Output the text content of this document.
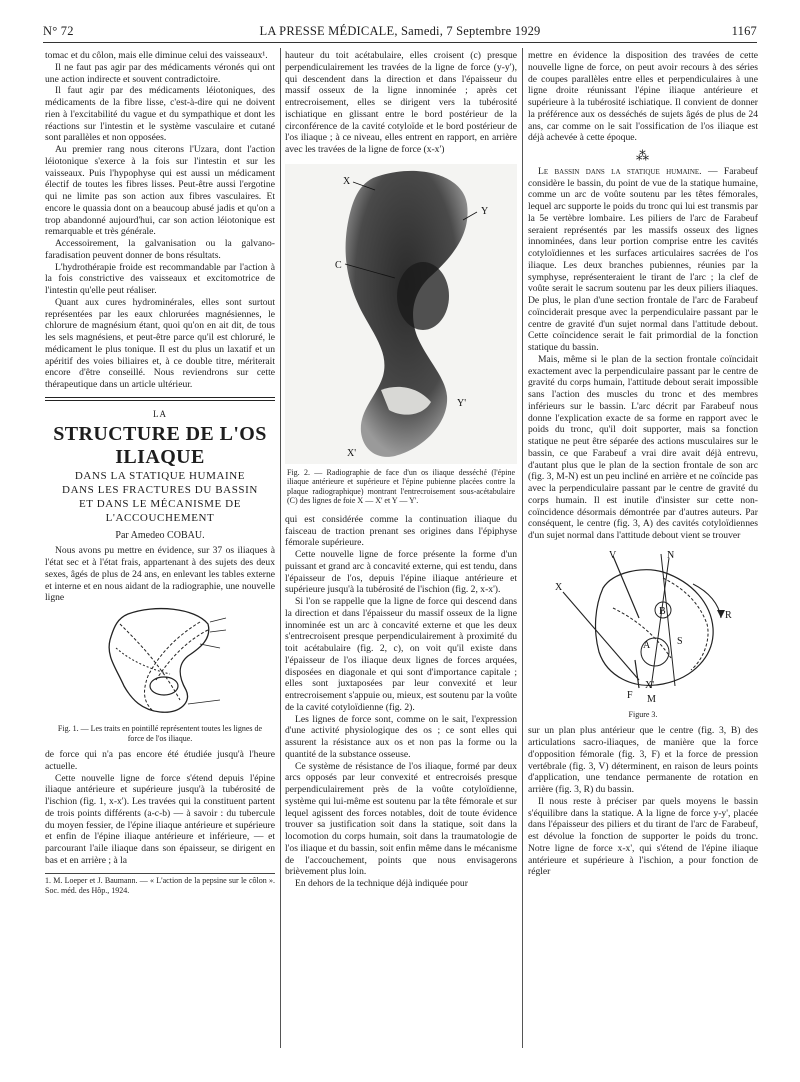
N° 72	LA PRESSE MÉDICALE, Samedi, 7 Septembre 1929	1167

tomac et du côlon, mais elle diminue celui des vaisseaux¹.

Il ne faut pas agir par des médicaments véronés qui ont une action indirecte et souvent contradictoire.

Il faut agir par des médicaments léiotoniques, des médicaments de la fibre lisse, c'est-à-dire qui ne doivent rien à l'excitabilité du vague et du sympathique et dont les réactions sur l'intestin et le système vasculaire et cutané sont parallèles et non opposées.

Au premier rang nous citerons l'Uzara, dont l'action léiotonique s'exerce à la fois sur l'intestin et sur les vaisseaux. Puis l'hypophyse qui est aussi un médicament électif de toutes les fibres lisses. Peut-être aussi l'ergotine qui ne limite pas son action aux fibres vasculaires. Et encore le quassia dont on a beaucoup abusé jadis et qu'on a trop abandonné aujourd'hui, car son action léiotonique est remarquable et très générale.

Accessoirement, la galvanisation ou la galvano-faradisation peuvent donner de bons résultats.

L'hydrothérapie froide est recommandable par l'action à la fois constrictive des vaisseaux et excitomotrice de l'intestin qu'elle peut réaliser.

Quant aux cures hydrominérales, elles sont surtout représentées par les eaux chlorurées magnésiennes, le chlorure de magnésium étant, quoi qu'on en ait dit, de tous les sels magnésiens, et peut-être parce qu'il est chloruré, le médicament le plus tonique. Il est du plus un laxatif et un apéritif des voies biliaires et, à ce double titre, mériterait encore d'être conseillé. Nous reviendrons sur cette thérapeutique dans un article ultérieur.

LA
STRUCTURE DE L'OS ILIAQUE
DANS LA STATIQUE HUMAINE
DANS LES FRACTURES DU BASSIN
ET DANS LE MÉCANISME DE L'ACCOUCHEMENT
Par Amedeo COBAU.

Nous avons pu mettre en évidence, sur 37 os iliaques à l'état sec et à l'état frais, appartenant à des sujets des deux sexes, âgés de plus de 24 ans, en enlevant les tables externe et interne et en nous aidant de la radiographie, une nouvelle ligne

Fig. 1. — Les traits en pointillé représentent toutes les lignes de force de l'os iliaque.

de force qui n'a pas encore été étudiée jusqu'à l'heure actuelle.

Cette nouvelle ligne de force s'étend depuis l'épine iliaque antérieure et supérieure jusqu'à la tubérosité de l'ischion (fig. 1, x-x'). Les travées qui la constituent partent de trois points différents (a-c-b) — à savoir : du tubercule du moyen fessier, de l'épine iliaque antérieure et supérieure et enfin de l'épine iliaque antérieure et inférieure, — et parcourant l'aile iliaque dans son épaisseur, se dirigent en bas et en arrière ; à la

1. M. Loeper et J. Baumann. — « L'action de la pepsine sur le côlon ». Soc. méd. des Hôp., 1924.

hauteur du toit acétabulaire, elles croisent (c) presque perpendiculairement les travées de la ligne de force (y-y'), qui descendent dans la direction et dans l'épaisseur du massif osseux de la ligne innominée ; après cet entrecroisement, elles se dirigent vers la tubérosité ischiatique en glissant entre le bord postérieur de la circonférence de la cavité cotyloïde et le bord postérieur de l'os iliaque ; à ce niveau, elles entrent en rapport, en arrière avec les travées de la ligne de force (x-x')

X
Y
C
Y'
X'
Fig. 2. — Radiographie de face d'un os iliaque desséché (l'épine iliaque antérieure et supérieure et l'épine pubienne placées contre la plaque radiographique) montrant l'entrecroisement sous-acétabulaire (C) des lignes de foie X — X' et Y — Y'.

qui est considérée comme la continuation iliaque du faisceau de traction prenant ses origines dans l'épiphyse fémorale supérieure.

Cette nouvelle ligne de force présente la forme d'un puissant et grand arc à concavité externe, qui est tendu, dans l'épaisseur de l'os, depuis l'épine iliaque antérieure et supérieure jusqu'à la tubérosité de l'ischion (fig. 2, x-x').

Si l'on se rappelle que la ligne de force qui descend dans la direction et dans l'épaisseur du massif osseux de la ligne innominée est un arc à concavité externe et que les deux s'entrecroisent presque perpendiculairement à proximité du toit acétabulaire (fig. 2, c), on voit qu'il existe dans l'épaisseur de l'os iliaque deux lignes de forces arquées, disposées en diagonale et qui sont d'importance capitale ; elles sont juxtaposées par leur convexité et leur entrecroisement s'appuie ou, mieux, est soutenu par la voûte de la cavité cotyloïdienne (fig. 2).

Les lignes de force sont, comme on le sait, l'expression d'une activité physiologique des os ; ce sont elles qui assurent la résistance aux os et non pas la forme ou la quantité de la substance osseuse.

Ce système de résistance de l'os iliaque, formé par deux arcs opposés par leur convexité et entrecroisés presque perpendiculairement près de la voûte cotyloïdienne, système qui lui-même est soutenu par la tête fémorale et sur lequel agissent des forces notables, doit de toute évidence trouver sa justification soit dans la statique, soit dans la locomotion du corps humain, soit dans la traumatologie de l'os iliaque et du bassin, soit enfin même dans le mécanisme de l'accouchement, points que nous envisagerons brièvement plus loin.

En dehors de la technique déjà indiquée pour

mettre en évidence la disposition des travées de cette nouvelle ligne de force, on peut avoir recours à des séries de coupes parallèles entre elles et perpendiculaires à une ligne droite réunissant l'épine iliaque antérieure et supérieure à la tubérosité ischiatique. Il convient de donner la préférence aux os desséchés de sujets âgés de plus de 24 ans, car comme on le sait l'ossification de l'os iliaque est déjà achevée à cette époque.

⁂

Le bassin dans la statique humaine. — Farabeuf considère le bassin, du point de vue de la statique humaine, comme un arc de voûte soutenu par les têtes fémorales, lequel arc supporte le poids du tronc qui lui est transmis par la 5e vertèbre lombaire. Les piliers de l'arc de Farabeuf seraient représentés par les massifs osseux des lignes innominées, dans leur portion comprise entre les cavités cotyloïdiennes et les surfaces articulaires sacrées de l'os iliaque. Les deux branches pubiennes, réunies par la symphyse, représenteraient le tirant de l'arc ; la clef de voûte serait le sacrum soutenu par les deux piliers iliaques. De plus, le plan d'une section frontale de l'arc de Farabeuf coïnciderait presque avec la perpendiculaire passant par le centre de gravité d'un sujet normal dans l'attitude debout. Cette coïncidence serait le fait primordial de la fonction statique du bassin.

Mais, même si le plan de la section frontale coïncidait exactement avec la perpendiculaire passant par le centre de gravité du corps humain, l'attitude debout serait impossible sans l'action des muscles du tronc et des membres inférieurs sur le bassin. L'arc décrit par Farabeuf nous donne l'explication exacte de sa forme en rapport avec le poids du tronc, qu'il doit supporter, mais sa fonction statique ne peut être séparée des actions musculaires sur le bassin, ce que Farabeuf a vrai dire avait déjà entrevu, d'autant plus que le plan de la section frontale de son arc (fig. 3, M-N) est un peu incliné en arrière et ne coïncide pas avec la perpendiculaire passant par le centre de gravité du corps humain. Il est inutile d'insister sur cette non-coïncidence désormais démontrée par d'autres auteurs. Par conséquent, le centre (fig. 3, A) des cavités cotyloïdiennes d'un sujet normal dans l'attitude debout vient se trouver

V	N
M
X
R
B
S
A
F
X'
Figure 3.

sur un plan plus antérieur que le centre (fig. 3, B) des articulations sacro-iliaques, de manière que la force d'opposition fémorale (fig. 3, F) et la force de pression vertébrale (fig. 3, V) déterminent, en raison de leurs points d'application, une tendance permanente de rotation en arrière (fig. 3, R) du bassin.

Il nous reste à préciser par quels moyens le bassin s'équilibre dans la statique. A la ligne de force y-y', placée dans l'épaisseur des piliers et du tirant de l'arc de Farabeuf, est dévolue la fonction de supporter le poids du tronc. Notre ligne de force x-x', qui s'étend de l'épine iliaque antérieure et supérieure à l'ischion, a pour fonction de régler
